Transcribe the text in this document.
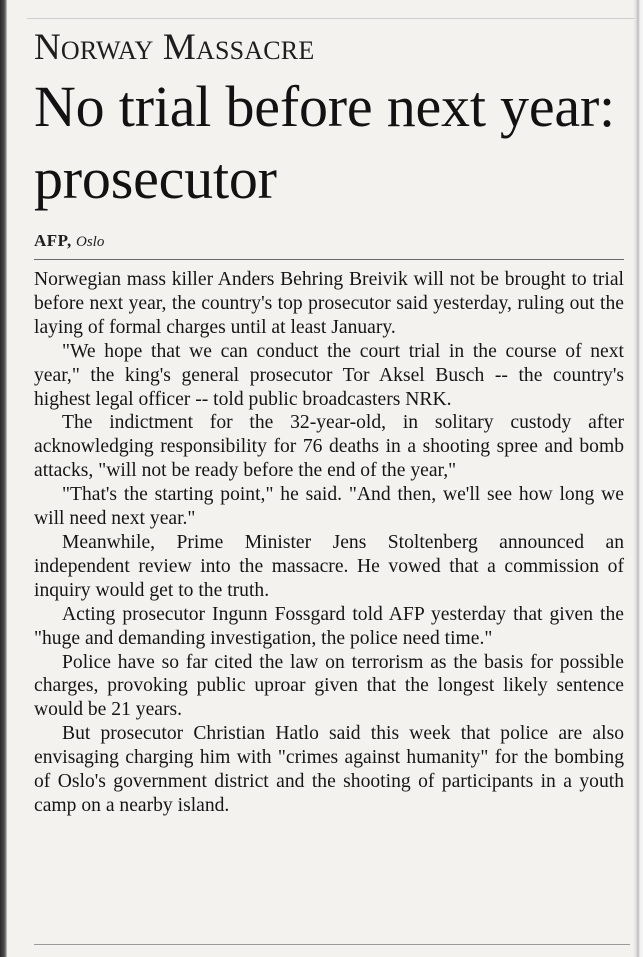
Norway Massacre
No trial before next year: prosecutor
AFP, Oslo

Norwegian mass killer Anders Behring Breivik will not be brought to trial before next year, the country's top prosecutor said yesterday, ruling out the laying of formal charges until at least January.

"We hope that we can conduct the court trial in the course of next year," the king's general prosecutor Tor Aksel Busch -- the country's highest legal officer -- told public broadcasters NRK.

The indictment for the 32-year-old, in solitary custody after acknowledging responsibility for 76 deaths in a shooting spree and bomb attacks, "will not be ready before the end of the year,"

"That's the starting point," he said. "And then, we'll see how long we will need next year."

Meanwhile, Prime Minister Jens Stoltenberg announced an independent review into the massacre. He vowed that a commission of inquiry would get to the truth.

Acting prosecutor Ingunn Fossgard told AFP yesterday that given the "huge and demanding investigation, the police need time."

Police have so far cited the law on terrorism as the basis for possible charges, provoking public uproar given that the longest likely sentence would be 21 years.

But prosecutor Christian Hatlo said this week that police are also envisaging charging him with "crimes against humanity" for the bombing of Oslo's government district and the shooting of participants in a youth camp on a nearby island.
